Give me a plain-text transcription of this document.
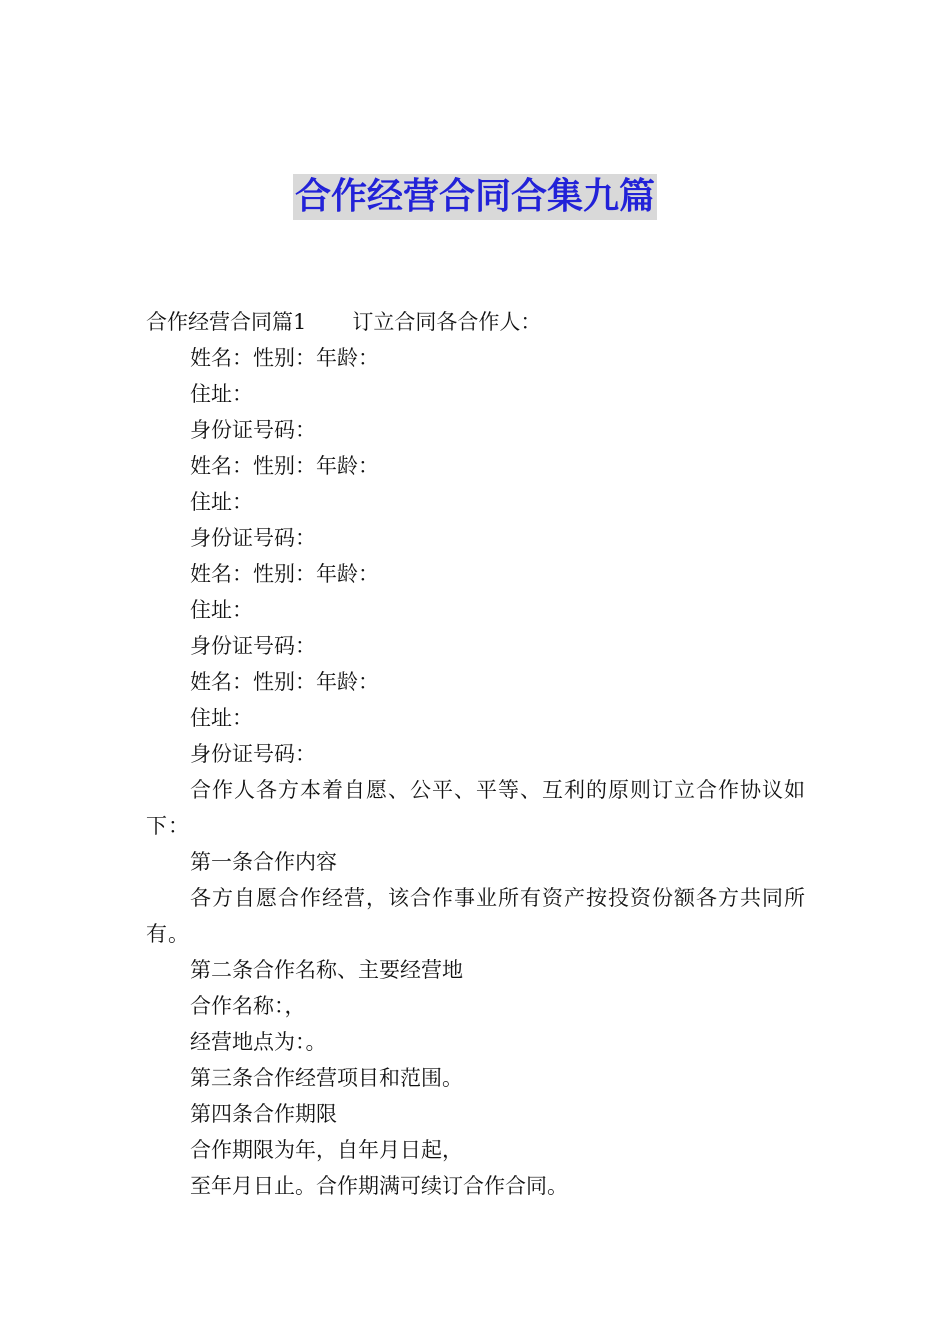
合作经营合同合集九篇
合作经营合同篇1 订立合同各合作人：
姓名：性别：年龄：
住址：
身份证号码：
姓名：性别：年龄：
住址：
身份证号码：
姓名：性别：年龄：
住址：
身份证号码：
姓名：性别：年龄：
住址：
身份证号码：
合作人各方本着自愿、公平、平等、互利的原则订立合作协议如下：
第一条合作内容
各方自愿合作经营，该合作事业所有资产按投资份额各方共同所有。
第二条合作名称、主要经营地
合作名称：，
经营地点为：。
第三条合作经营项目和范围。
第四条合作期限
合作期限为年，自年月日起，
至年月日止。合作期满可续订合作合同。
